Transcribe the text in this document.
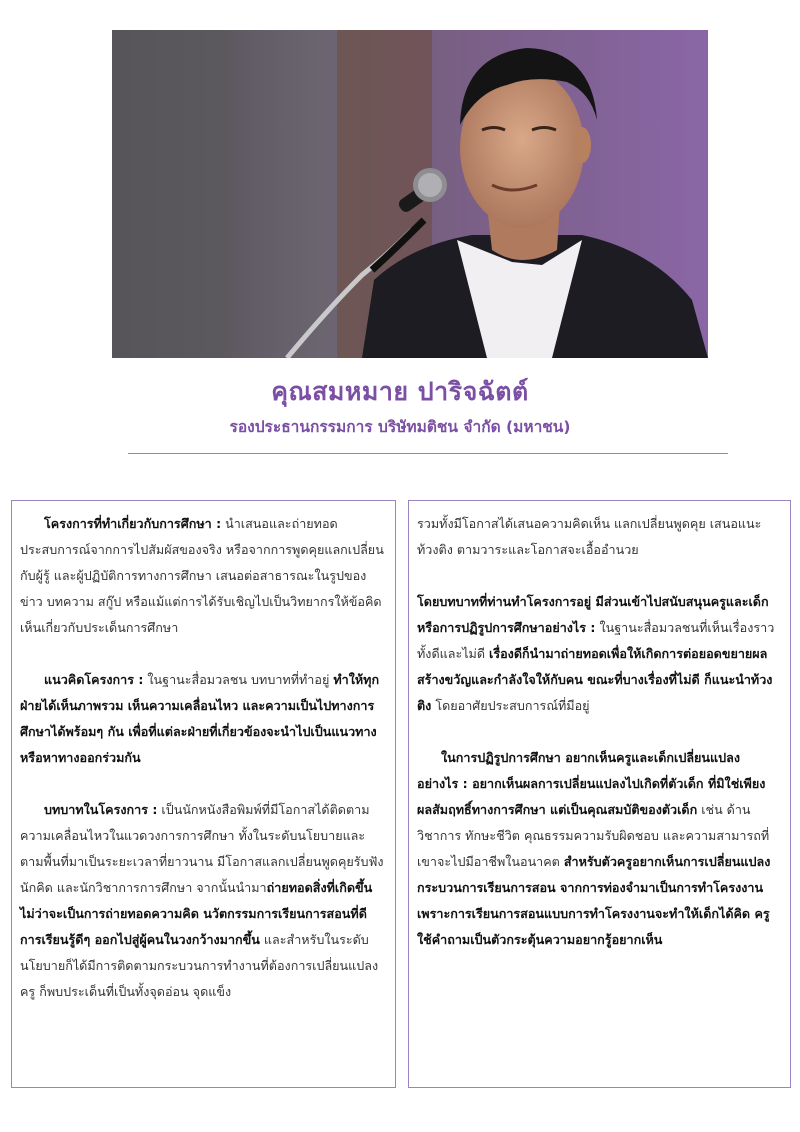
คุณสมหมาย ปาริจฉัตต์
รองประธานกรรมการ บริษัทมติชน จำกัด (มหาชน)

โครงการที่ทำเกี่ยวกับการศึกษา : นำเสนอและถ่ายทอดประสบการณ์จากการไปสัมผัสของจริง หรือจากการพูดคุยแลกเปลี่ยนกับผู้รู้ และผู้ปฏิบัติการทางการศึกษา เสนอต่อสาธารณะในรูปของข่าว บทความ สกู๊ป หรือแม้แต่การได้รับเชิญไปเป็นวิทยากรให้ข้อคิดเห็นเกี่ยวกับประเด็นการศึกษา

แนวคิดโครงการ : ในฐานะสื่อมวลชน บทบาทที่ทำอยู่ ทำให้ทุกฝ่ายได้เห็นภาพรวม เห็นความเคลื่อนไหว และความเป็นไปทางการศึกษาได้พร้อมๆ กัน เพื่อที่แต่ละฝ่ายที่เกี่ยวข้องจะนำไปเป็นแนวทาง หรือหาทางออกร่วมกัน

บทบาทในโครงการ : เป็นนักหนังสือพิมพ์ที่มีโอกาสได้ติดตามความเคลื่อนไหวในแวดวงการการศึกษา ทั้งในระดับนโยบายและตามพื้นที่มาเป็นระยะเวลาที่ยาวนาน มีโอกาสแลกเปลี่ยนพูดคุยรับฟัง นักคิด และนักวิชาการการศึกษา จากนั้นนำมาถ่ายทอดสิ่งที่เกิดขึ้น ไม่ว่าจะเป็นการถ่ายทอดความคิด นวัตกรรมการเรียนการสอนที่ดี การเรียนรู้ดีๆ ออกไปสู่ผู้คนในวงกว้างมากขึ้น และสำหรับในระดับนโยบายก็ได้มีการติดตามกระบวนการทำงานที่ต้องการเปลี่ยนแปลงครู ก็พบประเด็นที่เป็นทั้งจุดอ่อน จุดแข็ง

รวมทั้งมีโอกาสได้เสนอความคิดเห็น แลกเปลี่ยนพูดคุย เสนอแนะ ท้วงติง ตามวาระและโอกาสจะเอื้ออำนวย

โดยบทบาทที่ท่านทำโครงการอยู่ มีส่วนเข้าไปสนับสนุนครูและเด็ก หรือการปฏิรูปการศึกษาอย่างไร : ในฐานะสื่อมวลชนที่เห็นเรื่องราวทั้งดีและไม่ดี เรื่องดีก็นำมาถ่ายทอดเพื่อให้เกิดการต่อยอดขยายผล สร้างขวัญและกำลังใจให้กับคน ขณะที่บางเรื่องที่ไม่ดี ก็แนะนำท้วงติง โดยอาศัยประสบการณ์ที่มีอยู่

ในการปฏิรูปการศึกษา อยากเห็นครูและเด็กเปลี่ยนแปลงอย่างไร : อยากเห็นผลการเปลี่ยนแปลงไปเกิดที่ตัวเด็ก ที่มิใช่เพียงผลสัมฤทธิ์ทางการศึกษา แต่เป็นคุณสมบัติของตัวเด็ก เช่น ด้านวิชาการ ทักษะชีวิต คุณธรรมความรับผิดชอบ และความสามารถที่เขาจะไปมีอาชีพในอนาคต สำหรับตัวครูอยากเห็นการเปลี่ยนแปลงกระบวนการเรียนการสอน จากการท่องจำมาเป็นการทำโครงงาน เพราะการเรียนการสอนแบบการทำโครงงานจะทำให้เด็กได้คิด ครูใช้คำถามเป็นตัวกระตุ้นความอยากรู้อยากเห็น
